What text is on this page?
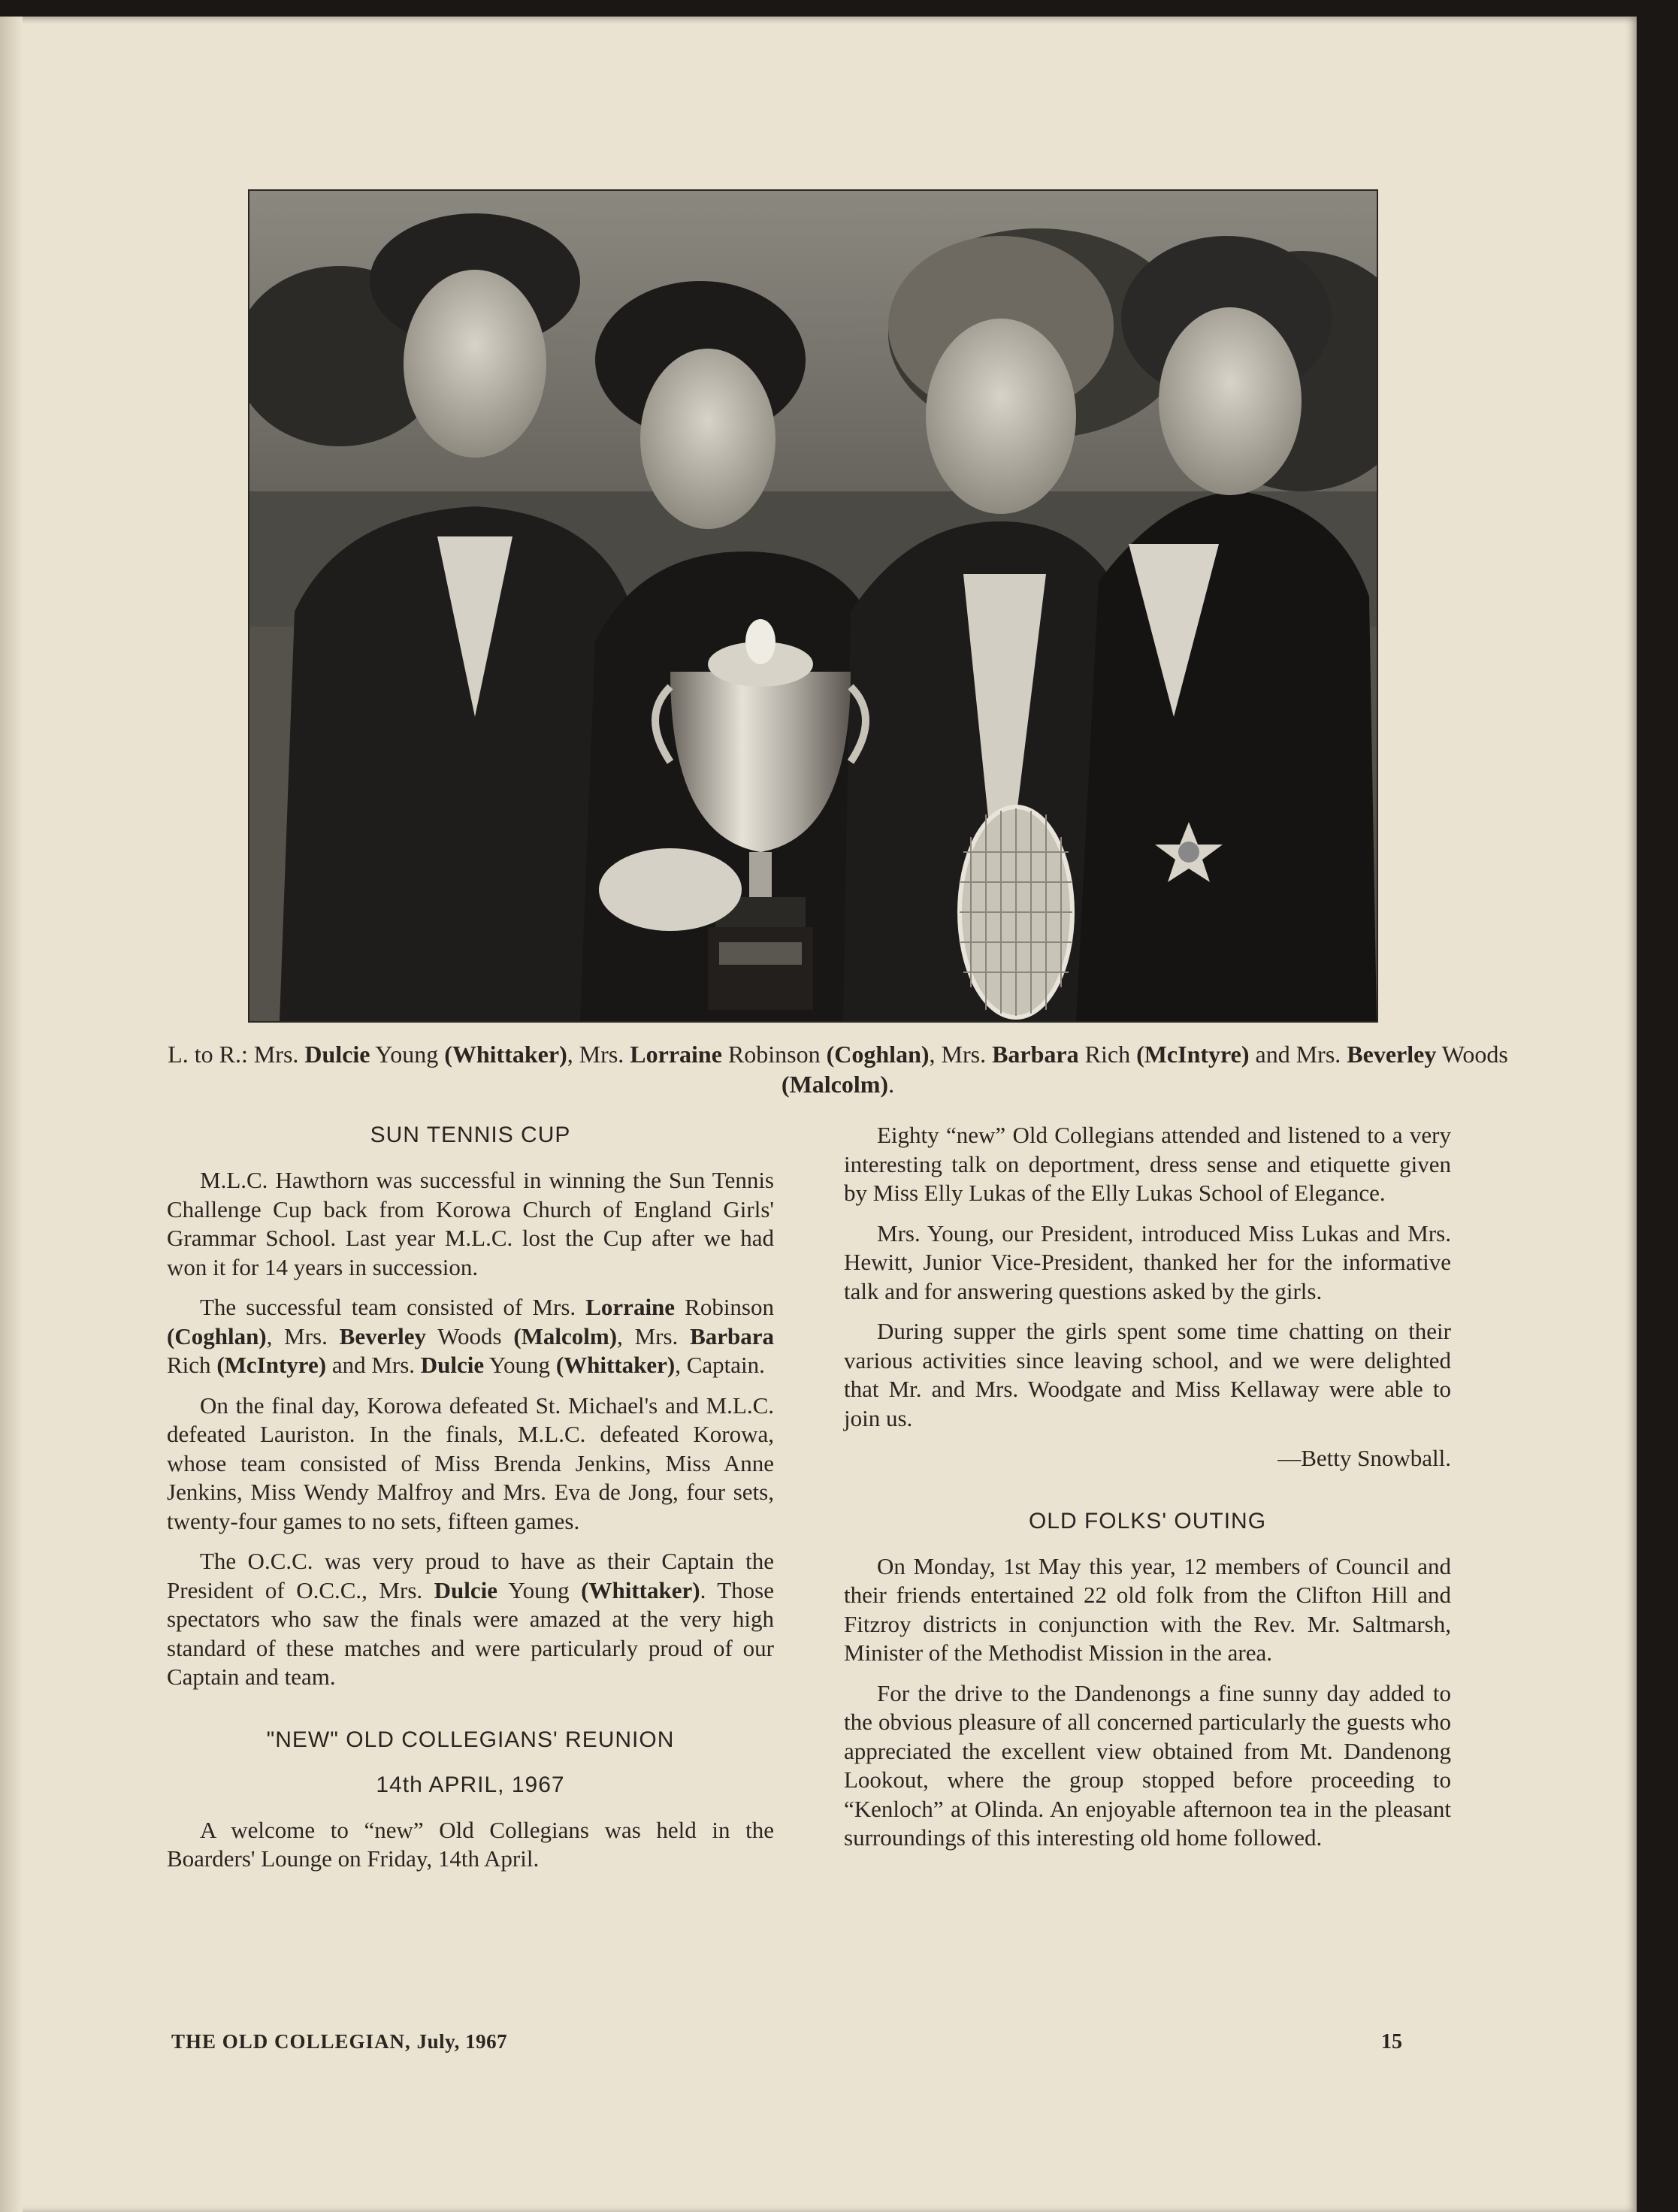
L. to R.: Mrs. Dulcie Young (Whittaker), Mrs. Lorraine Robinson (Coghlan), Mrs. Barbara Rich (McIntyre) and Mrs. Beverley Woods (Malcolm).
SUN TENNIS CUP

M.L.C. Hawthorn was successful in winning the Sun Tennis Challenge Cup back from Korowa Church of England Girls' Grammar School. Last year M.L.C. lost the Cup after we had won it for 14 years in succession.

The successful team consisted of Mrs. Lorraine Robinson (Coghlan), Mrs. Beverley Woods (Malcolm), Mrs. Barbara Rich (McIntyre) and Mrs. Dulcie Young (Whittaker), Captain.

On the final day, Korowa defeated St. Michael's and M.L.C. defeated Lauriston. In the finals, M.L.C. defeated Korowa, whose team consisted of Miss Brenda Jenkins, Miss Anne Jenkins, Miss Wendy Malfroy and Mrs. Eva de Jong, four sets, twenty-four games to no sets, fifteen games.

The O.C.C. was very proud to have as their Captain the President of O.C.C., Mrs. Dulcie Young (Whittaker). Those spectators who saw the finals were amazed at the very high standard of these matches and were particularly proud of our Captain and team.

"NEW" OLD COLLEGIANS' REUNION
14th APRIL, 1967

A welcome to “new” Old Collegians was held in the Boarders' Lounge on Friday, 14th April.

Eighty “new” Old Collegians attended and listened to a very interesting talk on deportment, dress sense and etiquette given by Miss Elly Lukas of the Elly Lukas School of Elegance.

Mrs. Young, our President, introduced Miss Lukas and Mrs. Hewitt, Junior Vice-President, thanked her for the informative talk and for answering questions asked by the girls.

During supper the girls spent some time chatting on their various activities since leaving school, and we were delighted that Mr. and Mrs. Woodgate and Miss Kellaway were able to join us.

—Betty Snowball.

OLD FOLKS' OUTING

On Monday, 1st May this year, 12 members of Council and their friends entertained 22 old folk from the Clifton Hill and Fitzroy districts in conjunction with the Rev. Mr. Saltmarsh, Minister of the Methodist Mission in the area.

For the drive to the Dandenongs a fine sunny day added to the obvious pleasure of all concerned particularly the guests who appreciated the excellent view obtained from Mt. Dandenong Lookout, where the group stopped before proceeding to “Kenloch” at Olinda. An enjoyable afternoon tea in the pleasant surroundings of this interesting old home followed.

THE OLD COLLEGIAN, July, 1967	15
